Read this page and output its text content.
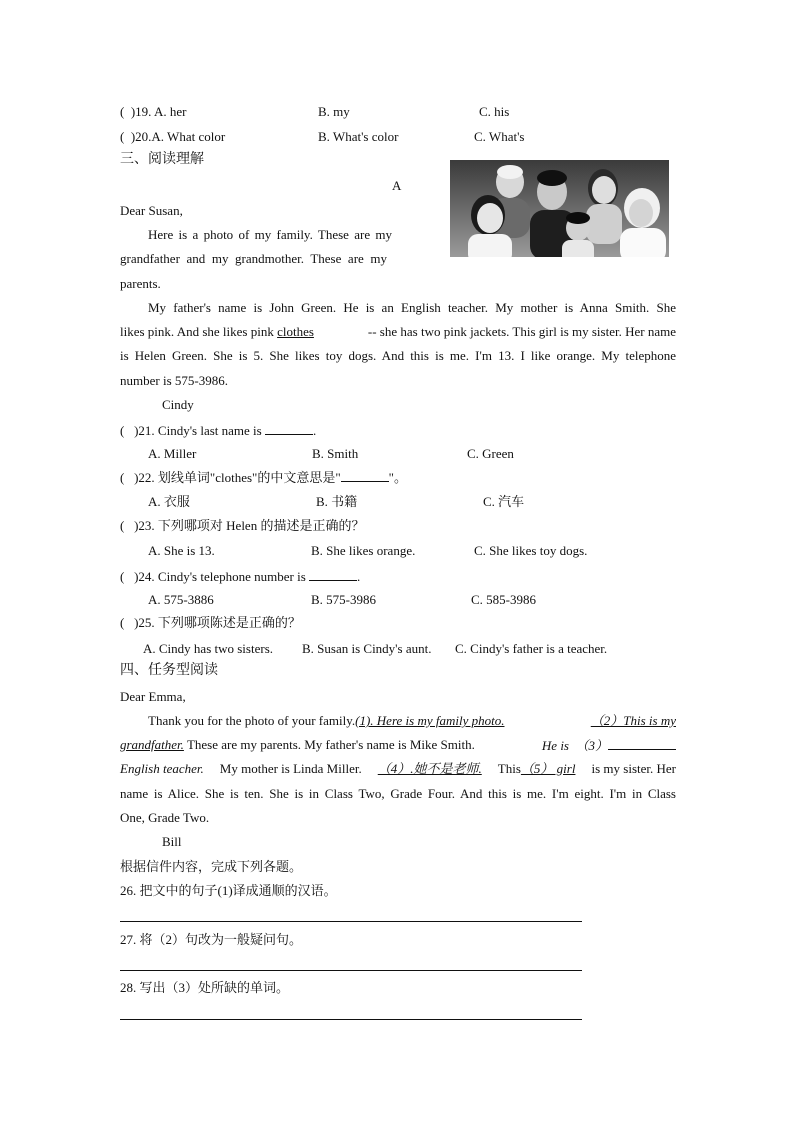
(  )19. A. her	B. my	C. his
(  )20.A. What color	B. What's color	C. What's
三、阅读理解
A
Dear Susan,
Here is a photo of my family. These are my
grandfather and my grandmother. These are my
parents.
My father's name is John Green. He is an English teacher. My mother is Anna Smith. She
likes pink. And she likes pink clothes	-- she has two pink jackets. This girl is my sister. Her name
is Helen Green. She is 5. She likes toy dogs. And this is me. I'm 13. I like orange. My telephone
number is 575-3986.
Cindy
(   )21. Cindy's last name is	.
A. Miller	B. Smith	C. Green
(   )22. 划线单词"clothes"的中文意思是"	"。
A. 衣服	B. 书籍	C. 汽车
(   )23. 下列哪项对 Helen 的描述是正确的？
A. She is 13.	B. She likes orange.	C. She likes toy dogs.
(   )24. Cindy's telephone number is	.
A. 575-3886	B. 575-3986	C. 585-3986
(   )25. 下列哪项陈述是正确的？
A. Cindy has two sisters. B. Susan is Cindy's aunt. C. Cindy's father is a teacher.
四、任务型阅读
Dear Emma,
Thank you for the photo of your family.(1). Here is my family photo.	（2）This is my
grandfather. These are my parents. My father's name is Mike Smith.	He is　（3）
English teacher. My mother is Linda Miller. （4）.她不是老师. This（5） girl is my sister. Her
name is Alice. She is ten. She is in Class Two, Grade Four. And this is me. I'm eight. I'm in Class
One, Grade Two.
Bill
根据信件内容，完成下列各题。
26. 把文中的句子(1)译成通顺的汉语。
27. 将（2）句改为一般疑问句。
28. 写出（3）处所缺的单词。
